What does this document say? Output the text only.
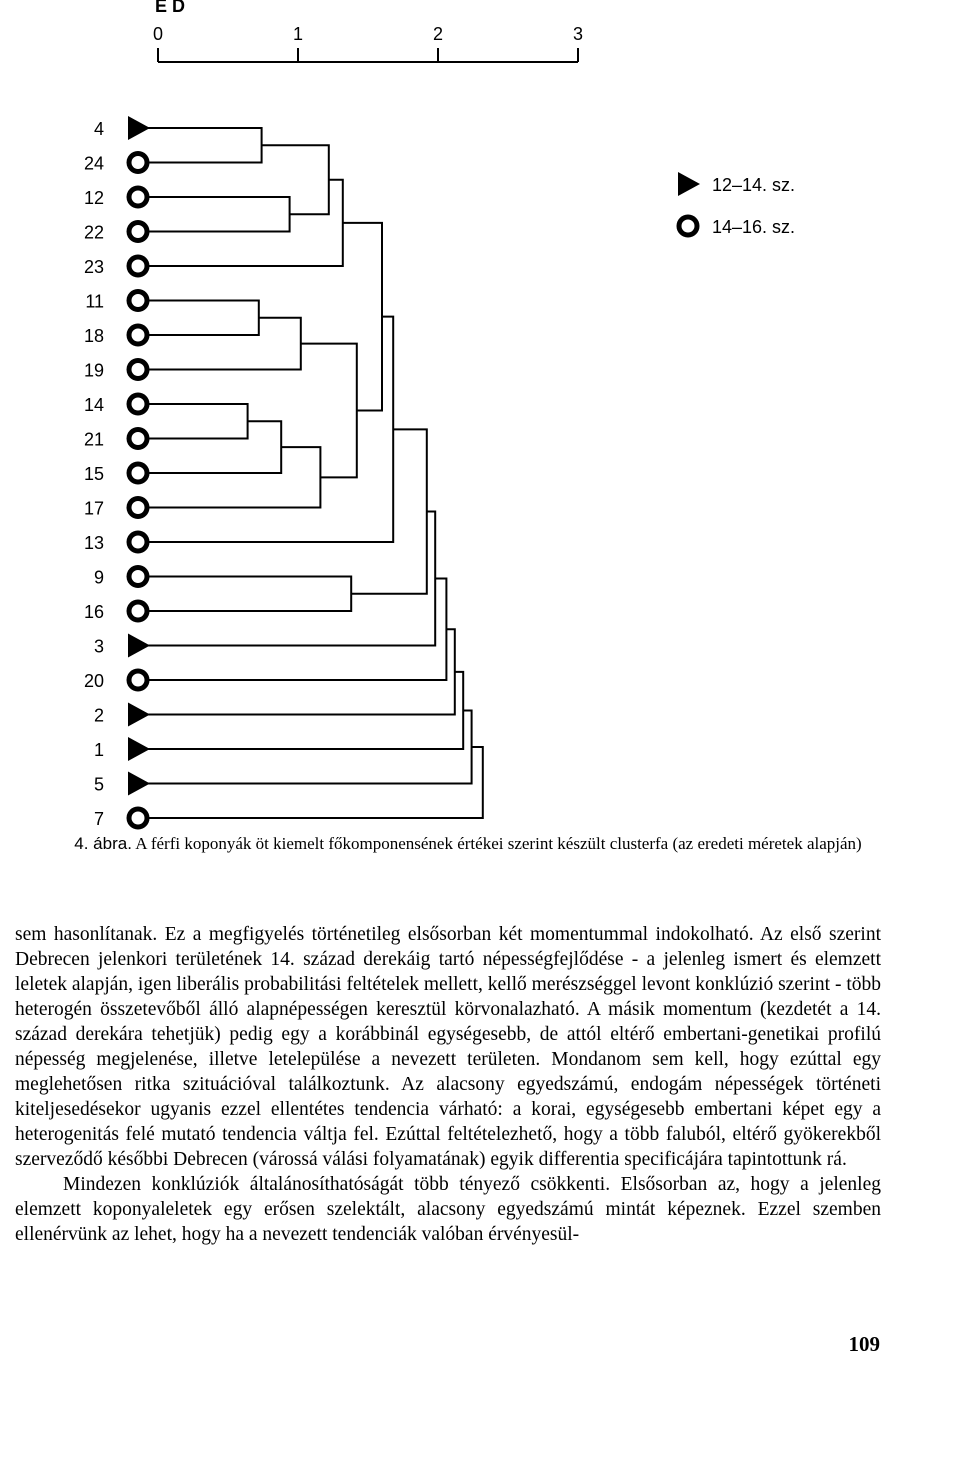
E D
0	1	2	3
12–14. sz.
14–16. sz.
4
24
12
22
23
11
18
19
14
21
15
17
13
9
16
3
20
2
1
5
7

4. ábra. A férfi koponyák öt kiemelt főkomponensének értékei szerint készült clusterfa (az eredeti méretek alapján)

sem hasonlítanak. Ez a megfigyelés történetileg elsősorban két momentummal indokolható. Az első szerint Debrecen jelenkori területének 14. század derekáig tartó népességfejlődése - a jelenleg ismert és elemzett leletek alapján, igen liberális probabilitási feltételek mellett, kellő merészséggel levont konklúzió szerint - több heterogén összetevőből álló alapnépességen keresztül körvonalazható. A másik momentum (kezdetét a 14. század derekára tehetjük) pedig egy a korábbinál egységesebb, de attól eltérő embertani-genetikai profilú népesség megjelenése, illetve letelepülése a nevezett területen. Mondanom sem kell, hogy ezúttal egy meglehetősen ritka szituációval találkoztunk. Az alacsony egyedszámú, endogám népességek történeti kiteljesedésekor ugyanis ezzel ellentétes tendencia várható: a korai, egységesebb embertani képet egy a heterogenitás felé mutató tendencia váltja fel. Ezúttal feltételezhető, hogy a több faluból, eltérő gyökerekből szerveződő későbbi Debrecen (várossá válási folyamatának) egyik differentia specificájára tapintottunk rá.

Mindezen konklúziók általánosíthatóságát több tényező csökkenti. Elsősorban az, hogy a jelenleg elemzett koponyaleletek egy erősen szelektált, alacsony egyedszámú mintát képeznek. Ezzel szemben ellenérvünk az lehet, hogy ha a nevezett tendenciák valóban érvényesül-

109
